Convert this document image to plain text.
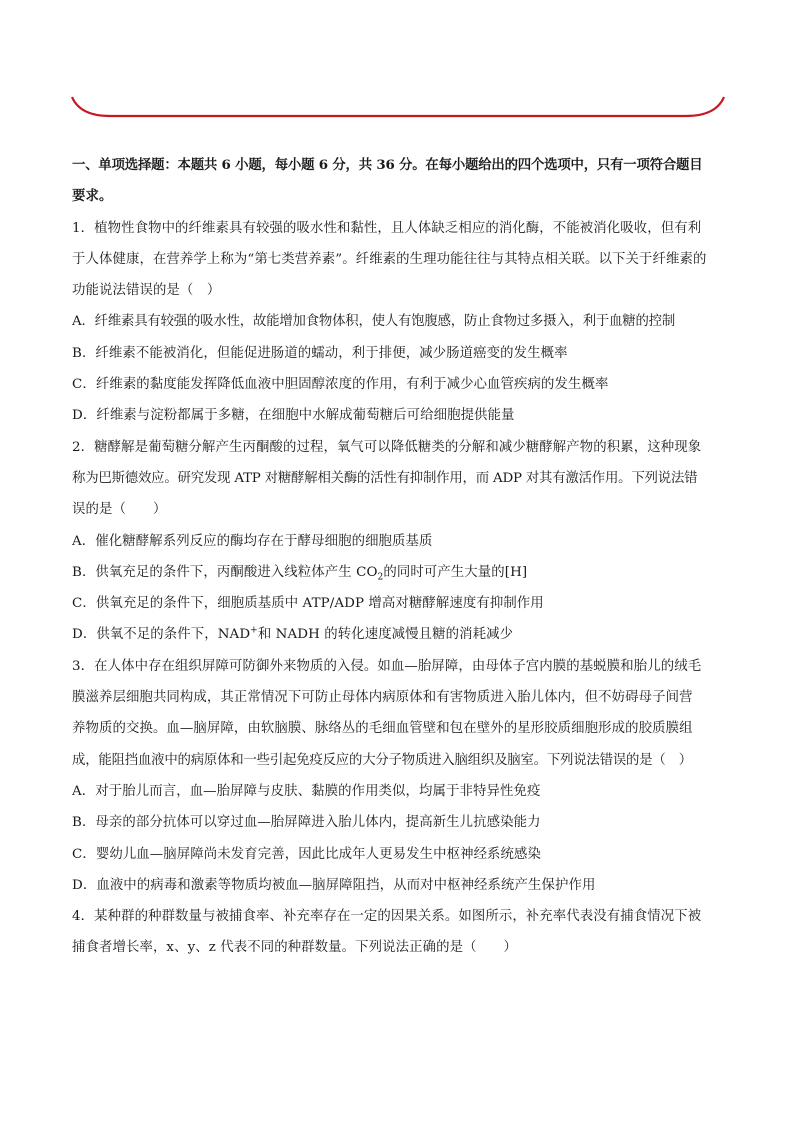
一、单项选择题：本题共 6 小题，每小题 6 分，共 36 分。在每小题给出的四个选项中，只有一项符合题目

要求。

1．植物性食物中的纤维素具有较强的吸水性和黏性，且人体缺乏相应的消化酶，不能被消化吸收，但有利

于人体健康，在营养学上称为“第七类营养素”。纤维素的生理功能往往与其特点相关联。以下关于纤维素的

功能说法错误的是（　）

A．纤维素具有较强的吸水性，故能增加食物体积，使人有饱腹感，防止食物过多摄入，利于血糖的控制

B．纤维素不能被消化，但能促进肠道的蠕动，利于排便，减少肠道癌变的发生概率

C．纤维素的黏度能发挥降低血液中胆固醇浓度的作用，有利于减少心血管疾病的发生概率

D．纤维素与淀粉都属于多糖，在细胞中水解成葡萄糖后可给细胞提供能量

2．糖酵解是葡萄糖分解产生丙酮酸的过程，氧气可以降低糖类的分解和减少糖酵解产物的积累，这种现象

称为巴斯德效应。研究发现 ATP 对糖酵解相关酶的活性有抑制作用，而 ADP 对其有激活作用。下列说法错

误的是（　　）

A．催化糖酵解系列反应的酶均存在于酵母细胞的细胞质基质

B．供氧充足的条件下，丙酮酸进入线粒体产生 $CO_2$的同时可产生大量的[H]

C．供氧充足的条件下，细胞质基质中 ATP/ADP 增高对糖酵解速度有抑制作用

D．供氧不足的条件下，NAD+和 NADH 的转化速度减慢且糖的消耗减少

3．在人体中存在组织屏障可防御外来物质的入侵。如血—胎屏障，由母体子宫内膜的基蜕膜和胎儿的绒毛

膜滋养层细胞共同构成，其正常情况下可防止母体内病原体和有害物质进入胎儿体内，但不妨碍母子间营

养物质的交换。血—脑屏障，由软脑膜、脉络丛的毛细血管壁和包在壁外的星形胶质细胞形成的胶质膜组

成，能阻挡血液中的病原体和一些引起免疫反应的大分子物质进入脑组织及脑室。下列说法错误的是（　）

A．对于胎儿而言，血—胎屏障与皮肤、黏膜的作用类似，均属于非特异性免疫

B．母亲的部分抗体可以穿过血—胎屏障进入胎儿体内，提高新生儿抗感染能力

C．婴幼儿血—脑屏障尚未发育完善，因此比成年人更易发生中枢神经系统感染

D．血液中的病毒和激素等物质均被血—脑屏障阻挡，从而对中枢神经系统产生保护作用

4．某种群的种群数量与被捕食率、补充率存在一定的因果关系。如图所示，补充率代表没有捕食情况下被

捕食者增长率，x、y、z 代表不同的种群数量。下列说法正确的是（　　）
